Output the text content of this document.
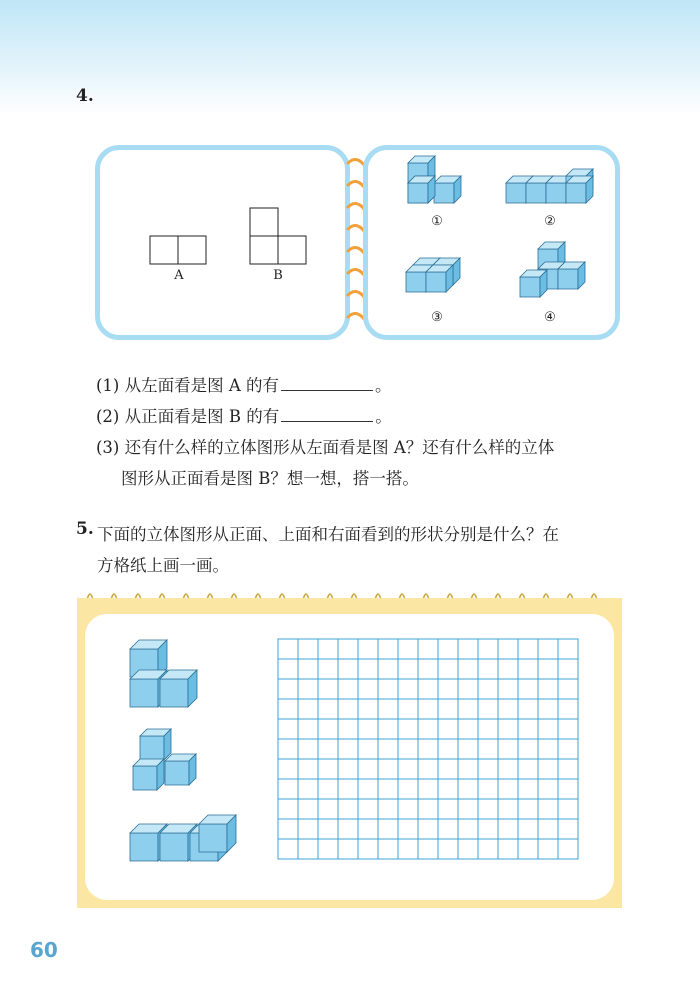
4.
A	B
①	②
③	④
(1) 从左面看是图 A 的有	。
(2) 从正面看是图 B 的有	。
(3) 还有什么样的立体图形从左面看是图 A？还有什么样的立体
图形从正面看是图 B？想一想，搭一搭。
5. 下面的立体图形从正面、上面和右面看到的形状分别是什么？在
方格纸上画一画。
60
